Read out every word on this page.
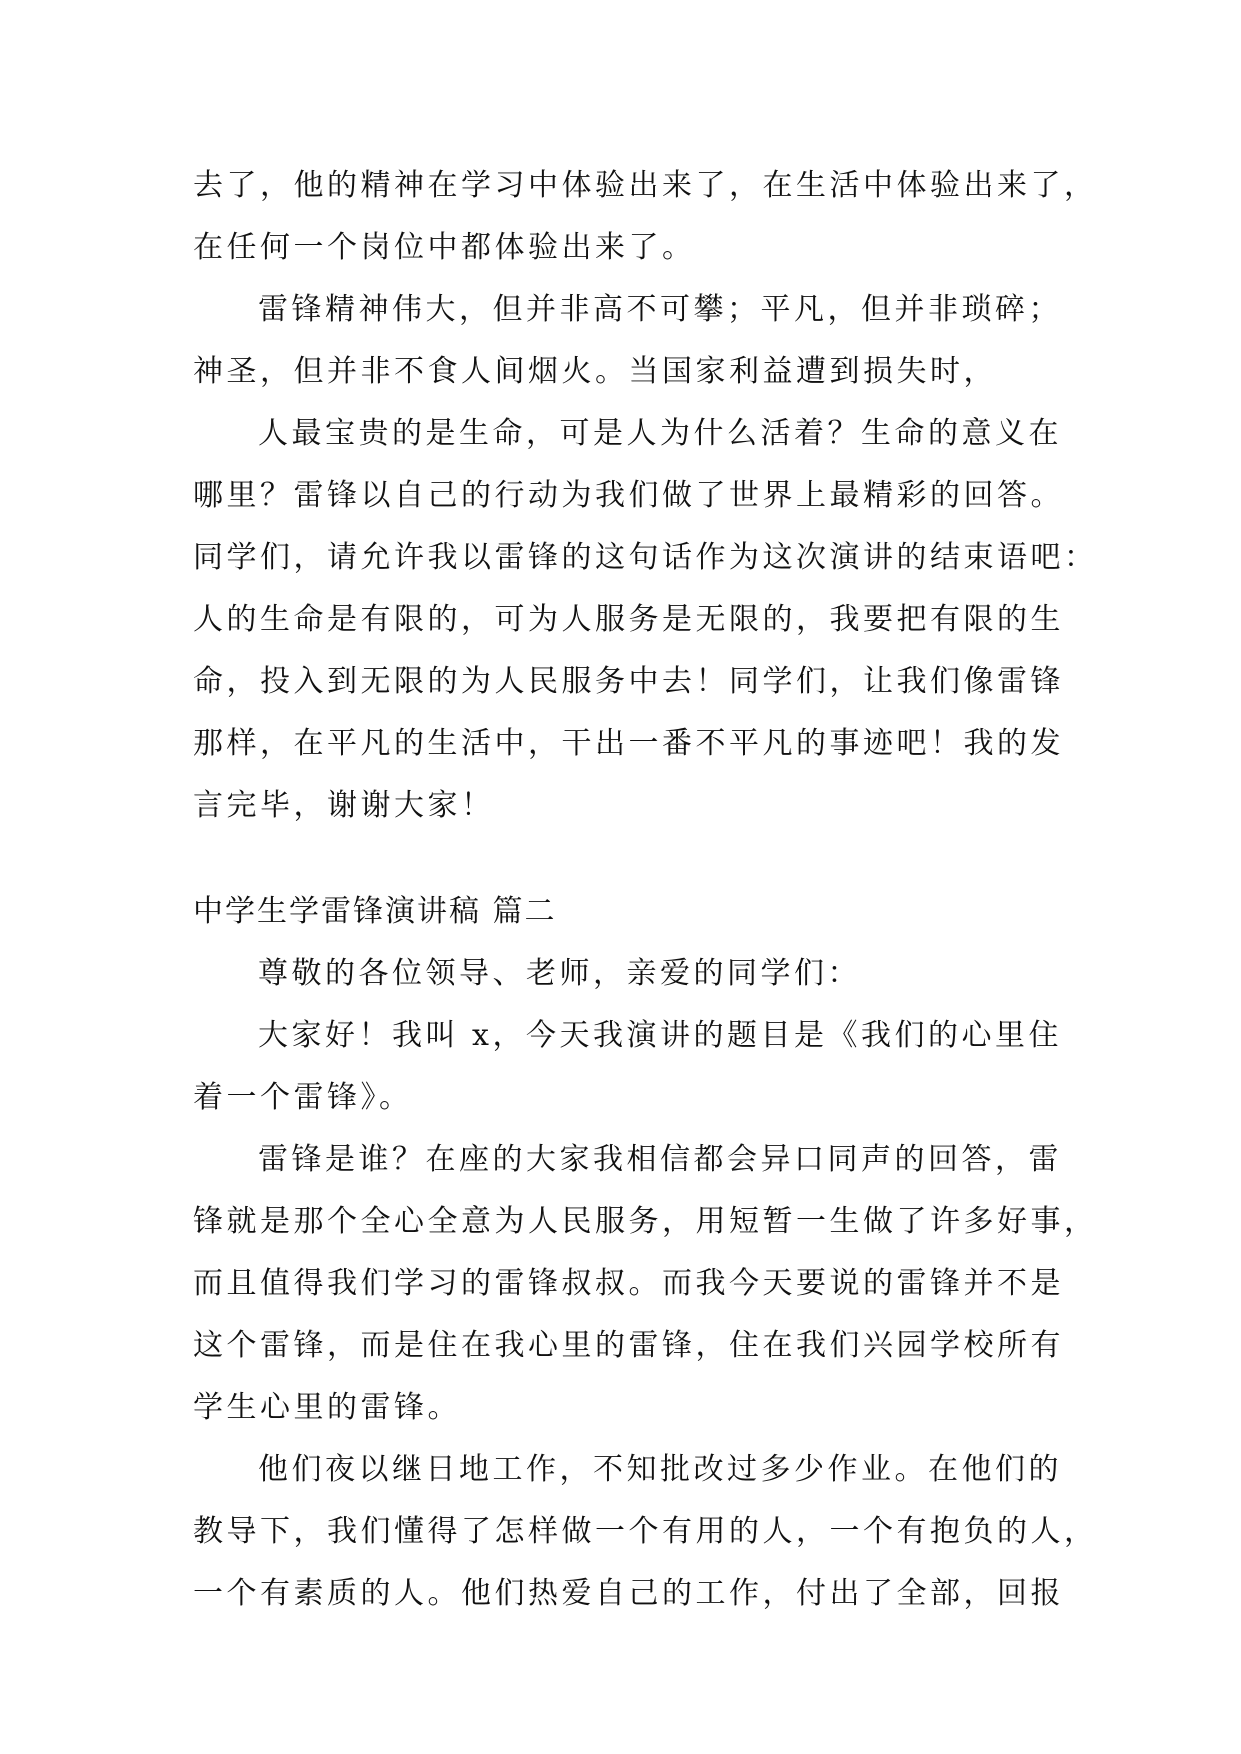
去了，他的精神在学习中体验出来了，在生活中体验出来了，
在任何一个岗位中都体验出来了。
雷锋精神伟大，但并非高不可攀；平凡，但并非琐碎；
神圣，但并非不食人间烟火。当国家利益遭到损失时，
人最宝贵的是生命，可是人为什么活着？生命的意义在
哪里？雷锋以自己的行动为我们做了世界上最精彩的回答。
同学们，请允许我以雷锋的这句话作为这次演讲的结束语吧：
人的生命是有限的，可为人服务是无限的，我要把有限的生
命，投入到无限的为人民服务中去！同学们，让我们像雷锋
那样，在平凡的生活中，干出一番不平凡的事迹吧！我的发
言完毕，谢谢大家！
中学生学雷锋演讲稿 篇二
尊敬的各位领导、老师，亲爱的同学们：
大家好！我叫 x，今天我演讲的题目是《我们的心里住
着一个雷锋》。
雷锋是谁？在座的大家我相信都会异口同声的回答，雷
锋就是那个全心全意为人民服务，用短暂一生做了许多好事，
而且值得我们学习的雷锋叔叔。而我今天要说的雷锋并不是
这个雷锋，而是住在我心里的雷锋，住在我们兴园学校所有
学生心里的雷锋。
他们夜以继日地工作，不知批改过多少作业。在他们的
教导下，我们懂得了怎样做一个有用的人，一个有抱负的人，
一个有素质的人。他们热爱自己的工作，付出了全部，回报
